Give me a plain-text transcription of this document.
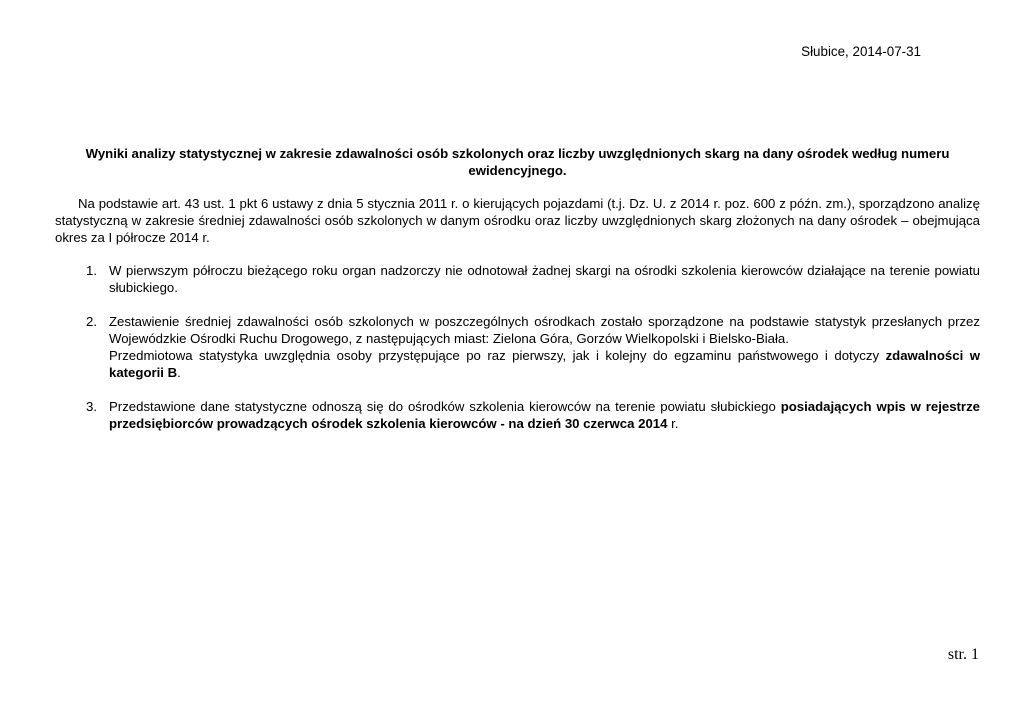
Słubice, 2014-07-31
Wyniki analizy statystycznej w zakresie zdawalności osób szkolonych oraz liczby uwzględnionych skarg na dany ośrodek według numeru ewidencyjnego.
Na podstawie art. 43 ust. 1 pkt 6 ustawy z dnia 5 stycznia 2011 r. o kierujących pojazdami (t.j. Dz. U. z 2014 r. poz. 600 z późn. zm.), sporządzono analizę statystyczną w zakresie średniej zdawalności osób szkolonych w danym ośrodku oraz liczby uwzględnionych skarg złożonych na dany ośrodek – obejmująca okres za I półrocze 2014 r.
1. W pierwszym półroczu bieżącego roku organ nadzorczy nie odnotował żadnej skargi na ośrodki szkolenia kierowców działające na terenie powiatu słubickiego.

2. Zestawienie średniej zdawalności osób szkolonych w poszczególnych ośrodkach zostało sporządzone na podstawie statystyk przesłanych przez Wojewódzkie Ośrodki Ruchu Drogowego, z następujących miast: Zielona Góra, Gorzów Wielkopolski i Bielsko-Biała.

Przedmiotowa statystyka uwzględnia osoby przystępujące po raz pierwszy, jak i kolejny do egzaminu państwowego i dotyczy zdawalności w kategorii B.

3. Przedstawione dane statystyczne odnoszą się do ośrodków szkolenia kierowców na terenie powiatu słubickiego posiadających wpis w rejestrze przedsiębiorców prowadzących ośrodek szkolenia kierowców - na dzień 30 czerwca 2014 r.

str. 1
